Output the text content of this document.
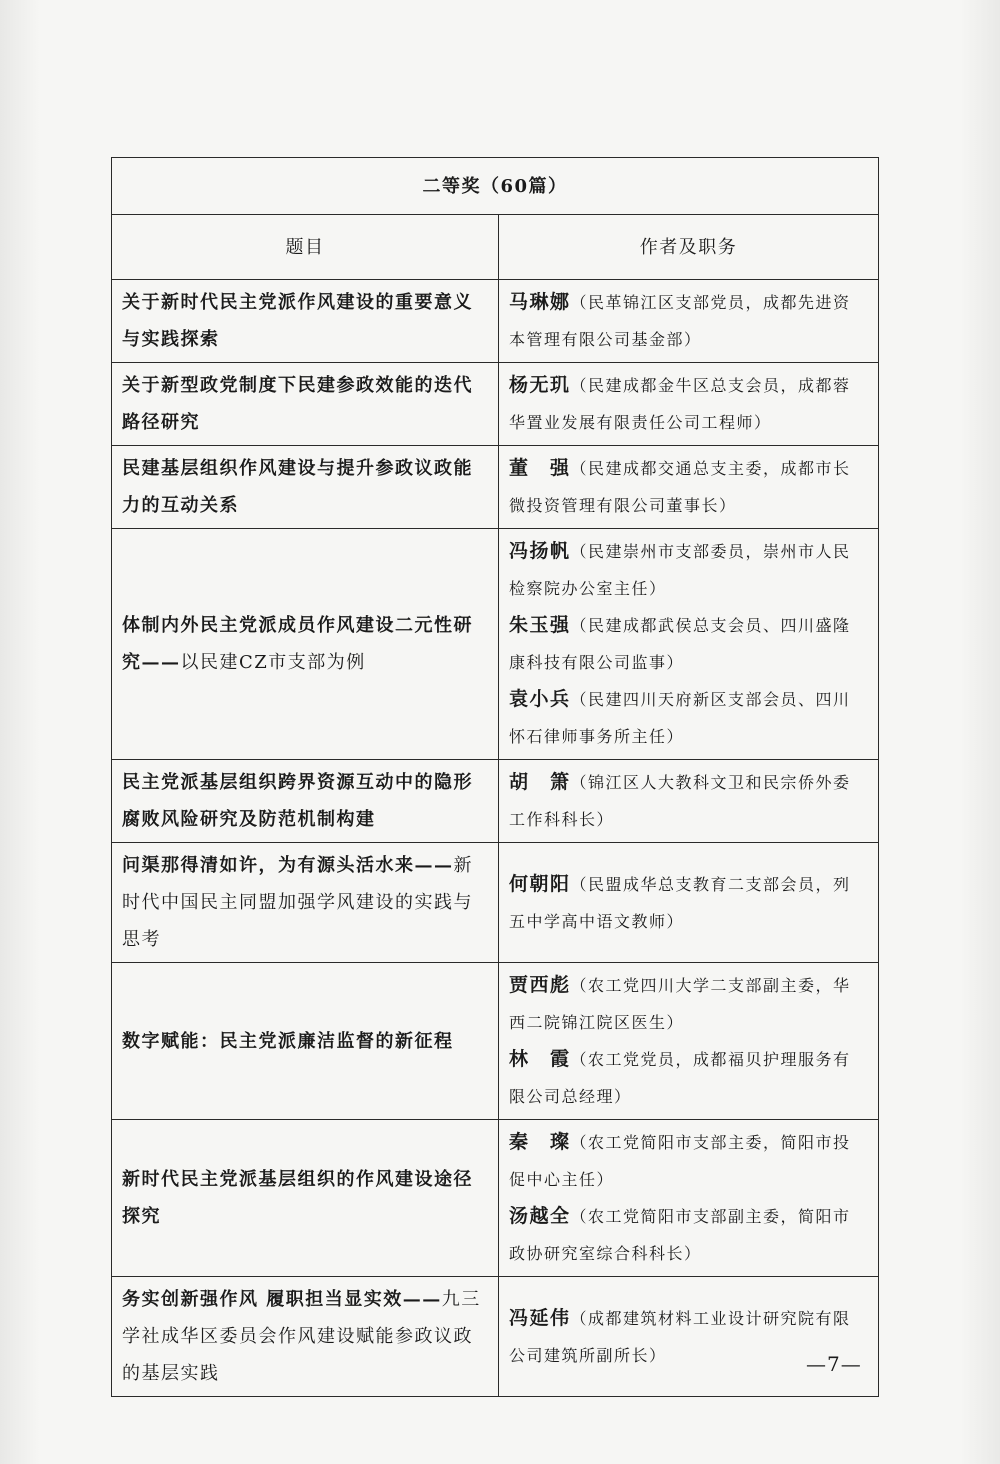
二等奖（60篇）	
题目	作者及职务
关于新时代民主党派作风建设的重要意义与实践探索	马琳娜（民革锦江区支部党员，成都先进资本管理有限公司基金部）

关于新型政党制度下民建参政效能的迭代路径研究	杨无玑（民建成都金牛区总支会员，成都蓉华置业发展有限责任公司工程师）

民建基层组织作风建设与提升参政议政能力的互动关系	董　强（民建成都交通总支主委，成都市长微投资管理有限公司董事长）

体制内外民主党派成员作风建设二元性研究——以民建CZ市支部为例	冯扬帆（民建崇州市支部委员，崇州市人民检察院办公室主任）
朱玉强（民建成都武侯总支会员、四川盛隆康科技有限公司监事）
袁小兵（民建四川天府新区支部会员、四川怀石律师事务所主任）

民主党派基层组织跨界资源互动中的隐形腐败风险研究及防范机制构建	胡　箫（锦江区人大教科文卫和民宗侨外委工作科科长）

问渠那得清如许，为有源头活水来——新时代中国民主同盟加强学风建设的实践与思考	何朝阳（民盟成华总支教育二支部会员，列五中学高中语文教师）

数字赋能：民主党派廉洁监督的新征程	贾西彪（农工党四川大学二支部副主委，华西二院锦江院区医生）
林　霞（农工党党员，成都福贝护理服务有限公司总经理）

新时代民主党派基层组织的作风建设途径探究	秦　璨（农工党简阳市支部主委，简阳市投促中心主任）
汤越全（农工党简阳市支部副主委，简阳市政协研究室综合科科长）

务实创新强作风 履职担当显实效——九三学社成华区委员会作风建设赋能参政议政的基层实践	冯延伟（成都建筑材料工业设计研究院有限公司建筑所副所长）	—7—
